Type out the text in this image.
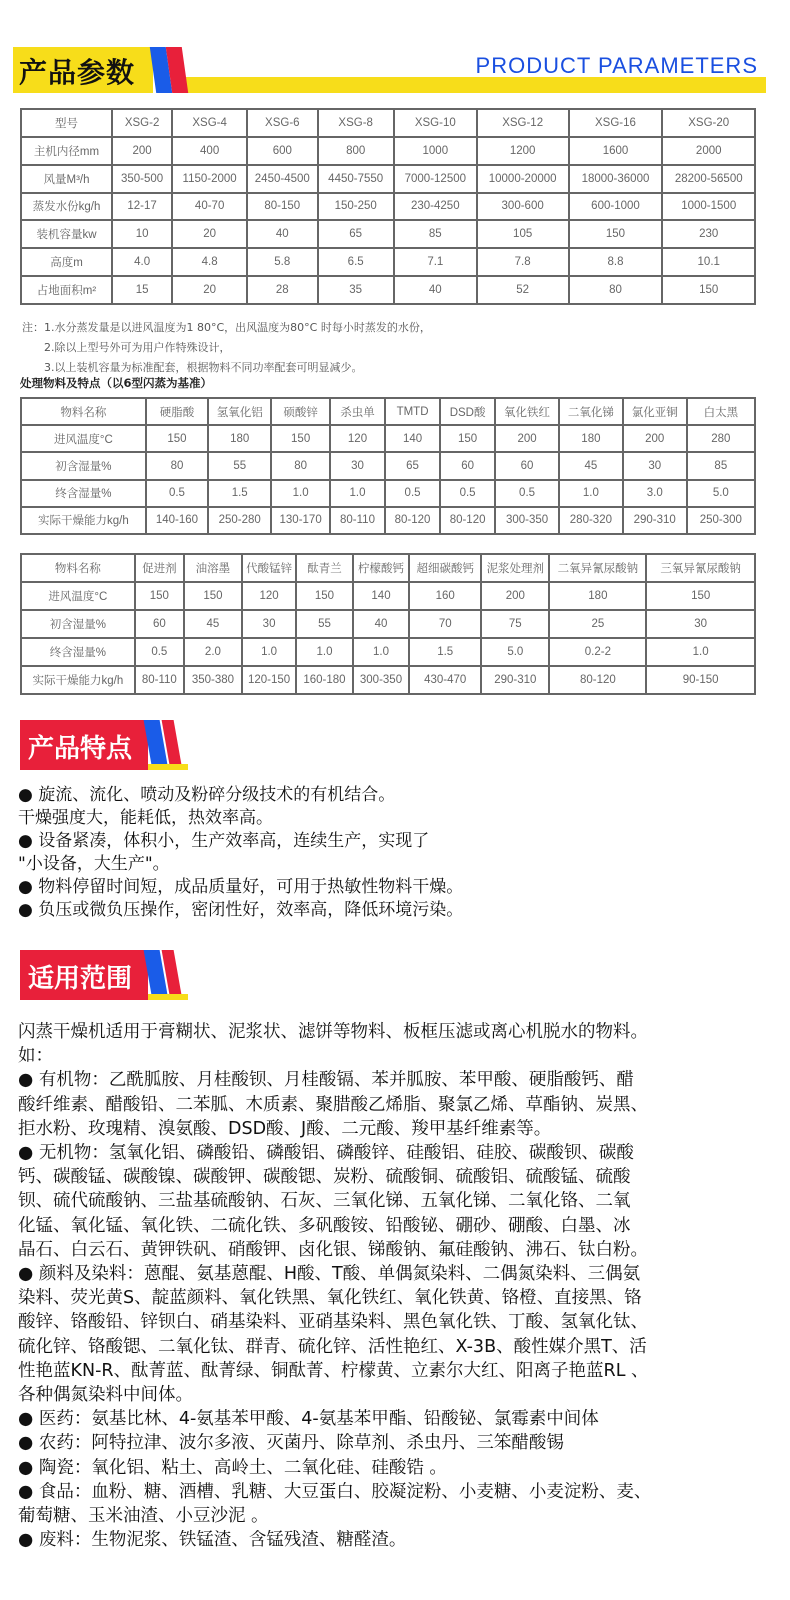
产品参数	PRODUCT PARAMETERS
型号	XSG-2	XSG-4	XSG-6	XSG-8	XSG-10	XSG-12	XSG-16	XSG-20
主机内径mm	200	400	600	800	1000	1200	1600	2000
风量M³/h	350-500	1150-2000	2450-4500	4450-7550	7000-12500	10000-20000	18000-36000	28200-56500
蒸发水份kg/h	12-17	40-70	80-150	150-250	230-4250	300-600	600-1000	1000-1500
装机容量kw	10	20	40	65	85	105	150	230
高度m	4.0	4.8	5.8	6.5	7.1	7.8	8.8	10.1
占地面积m²	15	20	28	35	40	52	80	150
注：1.水分蒸发量是以进风温度为1 80°C，出风温度为80°C 时每小时蒸发的水份，
2.除以上型号外可为用户作特殊设计，
3.以上装机容量为标准配套，根据物料不同功率配套可明显减少。
处理物料及特点（以6型闪蒸为基准）
物料名称	硬脂酸	氢氧化铝	硕酸锌	杀虫单	TMTD	DSD酸	氧化铁红	二氧化锑	氯化亚铜	白太黑
进风温度°C	150	180	150	120	140	150	200	180	200	280
初含湿量%	80	55	80	30	65	60	60	45	30	85
终含湿量%	0.5	1.5	1.0	1.0	0.5	0.5	0.5	1.0	3.0	5.0
实际干燥能力kg/h	140-160	250-280	130-170	80-110	80-120	80-120	300-350	280-320	290-310	250-300
物料名称	促进剂	油溶墨	代酸锰锌	酞青兰	柠檬酸钙	超细碳酸钙	泥浆处理剂	二氧异氰尿酸钠	三氧异氰尿酸钠
进风温度°C	150	150	120	150	140	160	200	180	150
初含湿量%	60	45	30	55	40	70	75	25	30
终含湿量%	0.5	2.0	1.0	1.0	1.0	1.5	5.0	0.2-2	1.0
实际干燥能力kg/h	80-110	350-380	120-150	160-180	300-350	430-470	290-310	80-120	90-150
产品特点
● 旋流、流化、喷动及粉碎分级技术的有机结合。
干燥强度大，能耗低，热效率高。
● 设备紧凑，体积小，生产效率高，连续生产，实现了
"小设备，大生产"。
● 物料停留时间短，成品质量好，可用于热敏性物料干燥。
● 负压或微负压操作，密闭性好，效率高，降低环境污染。
适用范围
闪蒸干燥机适用于膏糊状、泥浆状、滤饼等物料、板框压滤或离心机脱水的物料。
如：
● 有机物：乙酰胍胺、月桂酸钡、月桂酸镉、苯并胍胺、苯甲酸、硬脂酸钙、醋
酸纤维素、醋酸铅、二苯胍、木质素、聚腊酸乙烯脂、聚氯乙烯、草酯钠、炭黑、
拒水粉、玫瑰精、溴氨酸、DSD酸、J酸、二元酸、羧甲基纤维素等。
● 无机物：氢氧化铝、磷酸铅、磷酸铝、磷酸锌、硅酸铝、硅胶、碳酸钡、碳酸
钙、碳酸锰、碳酸镍、碳酸钾、碳酸锶、炭粉、硫酸铜、硫酸铝、硫酸锰、硫酸
钡、硫代硫酸钠、三盐基硫酸钠、石灰、三氧化锑、五氧化锑、二氧化铬、二氧
化锰、氧化锰、氧化铁、二硫化铁、多矾酸铵、铅酸铋、硼砂、硼酸、白墨、冰
晶石、白云石、黄钾铁矾、硝酸钾、卤化银、锑酸钠、氟硅酸钠、沸石、钛白粉。
● 颜料及染料：蒽醌、氨基蒽醌、H酸、T酸、单偶氮染料、二偶氮染料、三偶氨
染料、荧光黄S、靛蓝颜料、氧化铁黑、氧化铁红、氧化铁黄、铬橙、直接黑、铬
酸锌、铬酸铅、锌钡白、硝基染料、亚硝基染料、黑色氧化铁、丁酸、氢氧化钛、
硫化锌、铬酸锶、二氧化钛、群青、硫化锌、活性艳红、X-3B、酸性媒介黑T、活
性艳蓝KN-R、酞菁蓝、酞菁绿、铜酞菁、柠檬黄、立素尔大红、阳离子艳蓝RL 、
各种偶氮染料中间体。
● 医药：氨基比林、4-氨基苯甲酸、4-氨基苯甲酯、铅酸铋、氯霉素中间体
● 农药：阿特拉津、波尔多液、灭菌丹、除草剂、杀虫丹、三笨醋酸锡
● 陶瓷：氧化铝、粘土、高岭土、二氧化硅、硅酸锆 。
● 食品：血粉、糖、酒槽、乳糖、大豆蛋白、胶凝淀粉、小麦糖、小麦淀粉、麦、
葡萄糖、玉米油渣、小豆沙泥 。
● 废料：生物泥浆、铁锰渣、含锰残渣、糖醛渣。
